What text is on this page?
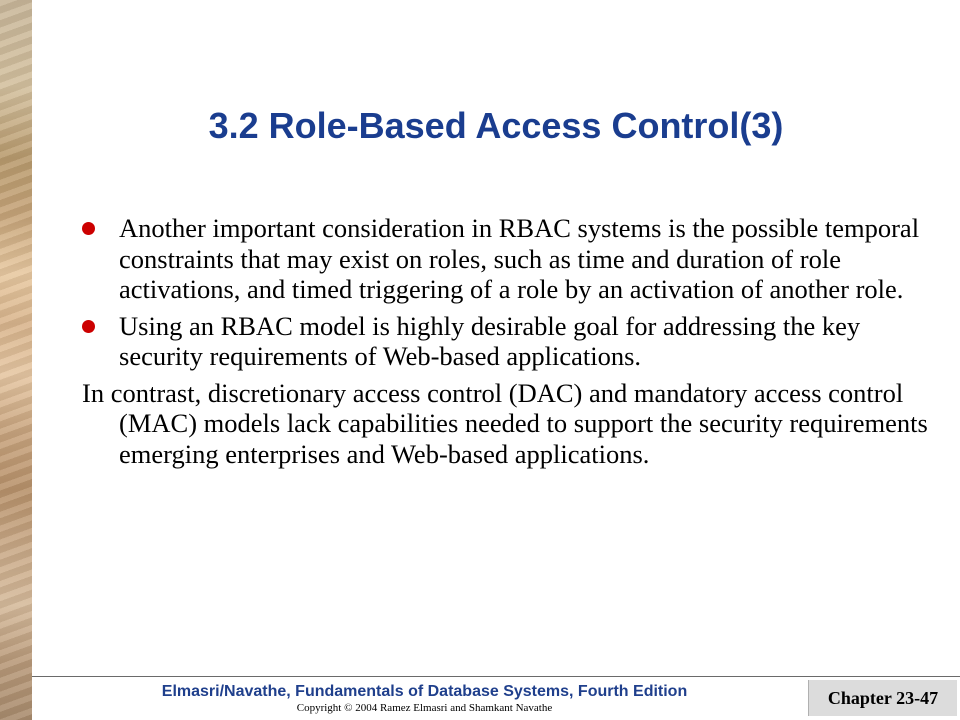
3.2 Role-Based Access Control(3)
Another important consideration in RBAC systems is the possible temporal constraints that may exist on roles, such as time and duration of role activations, and timed triggering of a role by an activation of another role.
Using an RBAC model is highly desirable goal for addressing the key security requirements of Web-based applications.
In contrast, discretionary access control (DAC) and mandatory access control (MAC) models lack capabilities needed to support the security requirements emerging enterprises and Web-based applications.
Elmasri/Navathe, Fundamentals of Database Systems, Fourth Edition
Copyright © 2004 Ramez Elmasri and Shamkant Navathe	Chapter 23-47
